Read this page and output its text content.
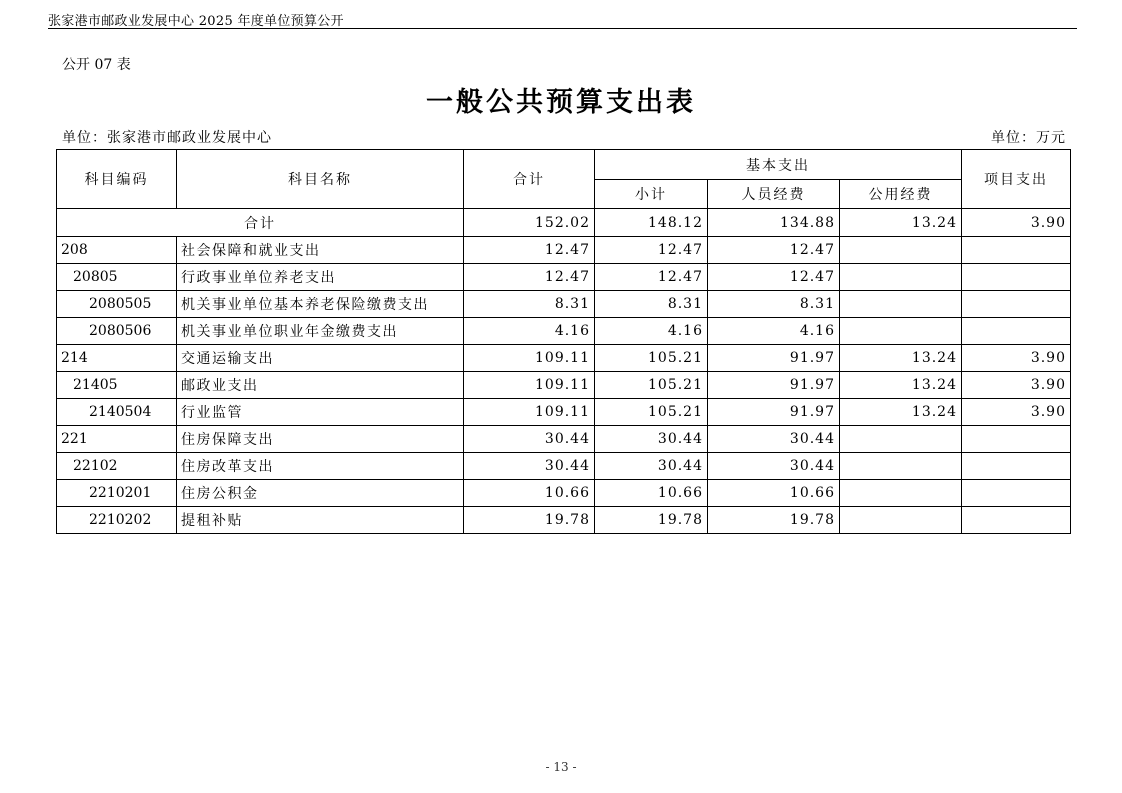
张家港市邮政业发展中心 2025 年度单位预算公开
公开 07 表
一般公共预算支出表
单位：张家港市邮政业发展中心	单位：万元
科目编码	科目名称	合计	基本支出			项目支出
			小计	人员经费	公用经费	
合计		152.02	148.12	134.88	13.24	3.90
208	社会保障和就业支出	12.47	12.47	12.47		
20805	行政事业单位养老支出	12.47	12.47	12.47		
2080505	机关事业单位基本养老保险缴费支出	8.31	8.31	8.31		
2080506	机关事业单位职业年金缴费支出	4.16	4.16	4.16		
214	交通运输支出	109.11	105.21	91.97	13.24	3.90
21405	邮政业支出	109.11	105.21	91.97	13.24	3.90
2140504	行业监管	109.11	105.21	91.97	13.24	3.90
221	住房保障支出	30.44	30.44	30.44		
22102	住房改革支出	30.44	30.44	30.44		
2210201	住房公积金	10.66	10.66	10.66		
2210202	提租补贴	19.78	19.78	19.78		
- 13 -
